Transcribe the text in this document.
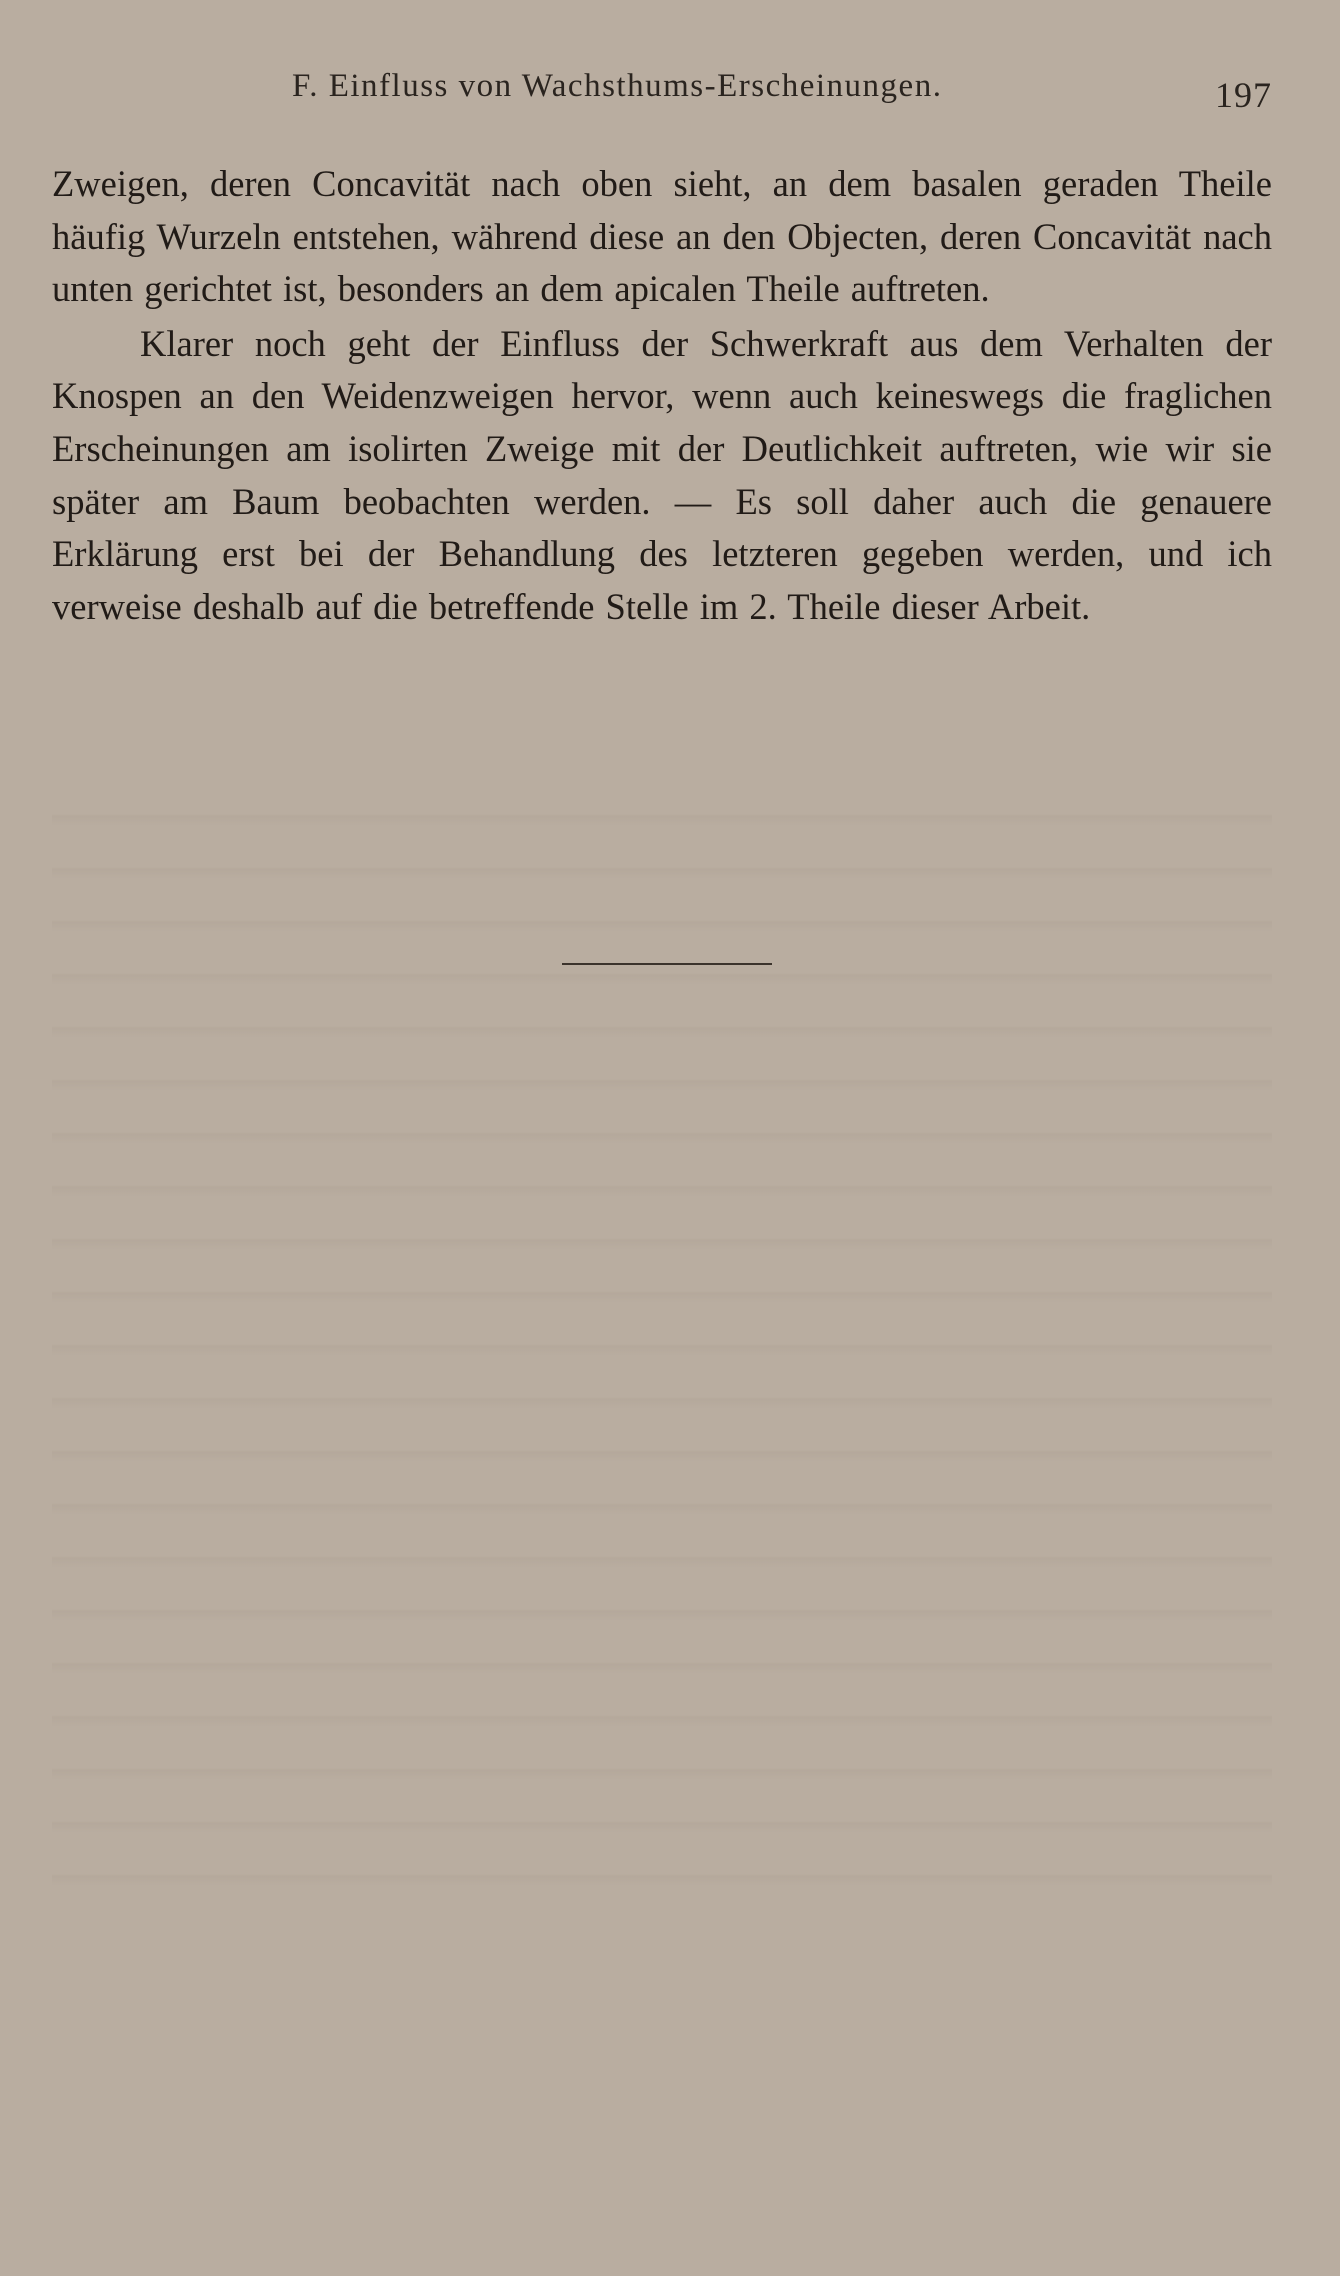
F. Einfluss von Wachsthums-Erscheinungen.	197

Zweigen, deren Concavität nach oben sieht, an dem basalen geraden Theile häufig Wurzeln entstehen, während diese an den Objecten, deren Concavität nach unten gerichtet ist, besonders an dem apicalen Theile auftreten.

Klarer noch geht der Einfluss der Schwerkraft aus dem Verhalten der Knospen an den Weidenzweigen hervor, wenn auch keineswegs die fraglichen Erscheinungen am isolirten Zweige mit der Deutlichkeit auftreten, wie wir sie später am Baum beobachten werden. — Es soll daher auch die genauere Erklärung erst bei der Behandlung des letzteren gegeben werden, und ich verweise deshalb auf die betreffende Stelle im 2. Theile dieser Arbeit.
